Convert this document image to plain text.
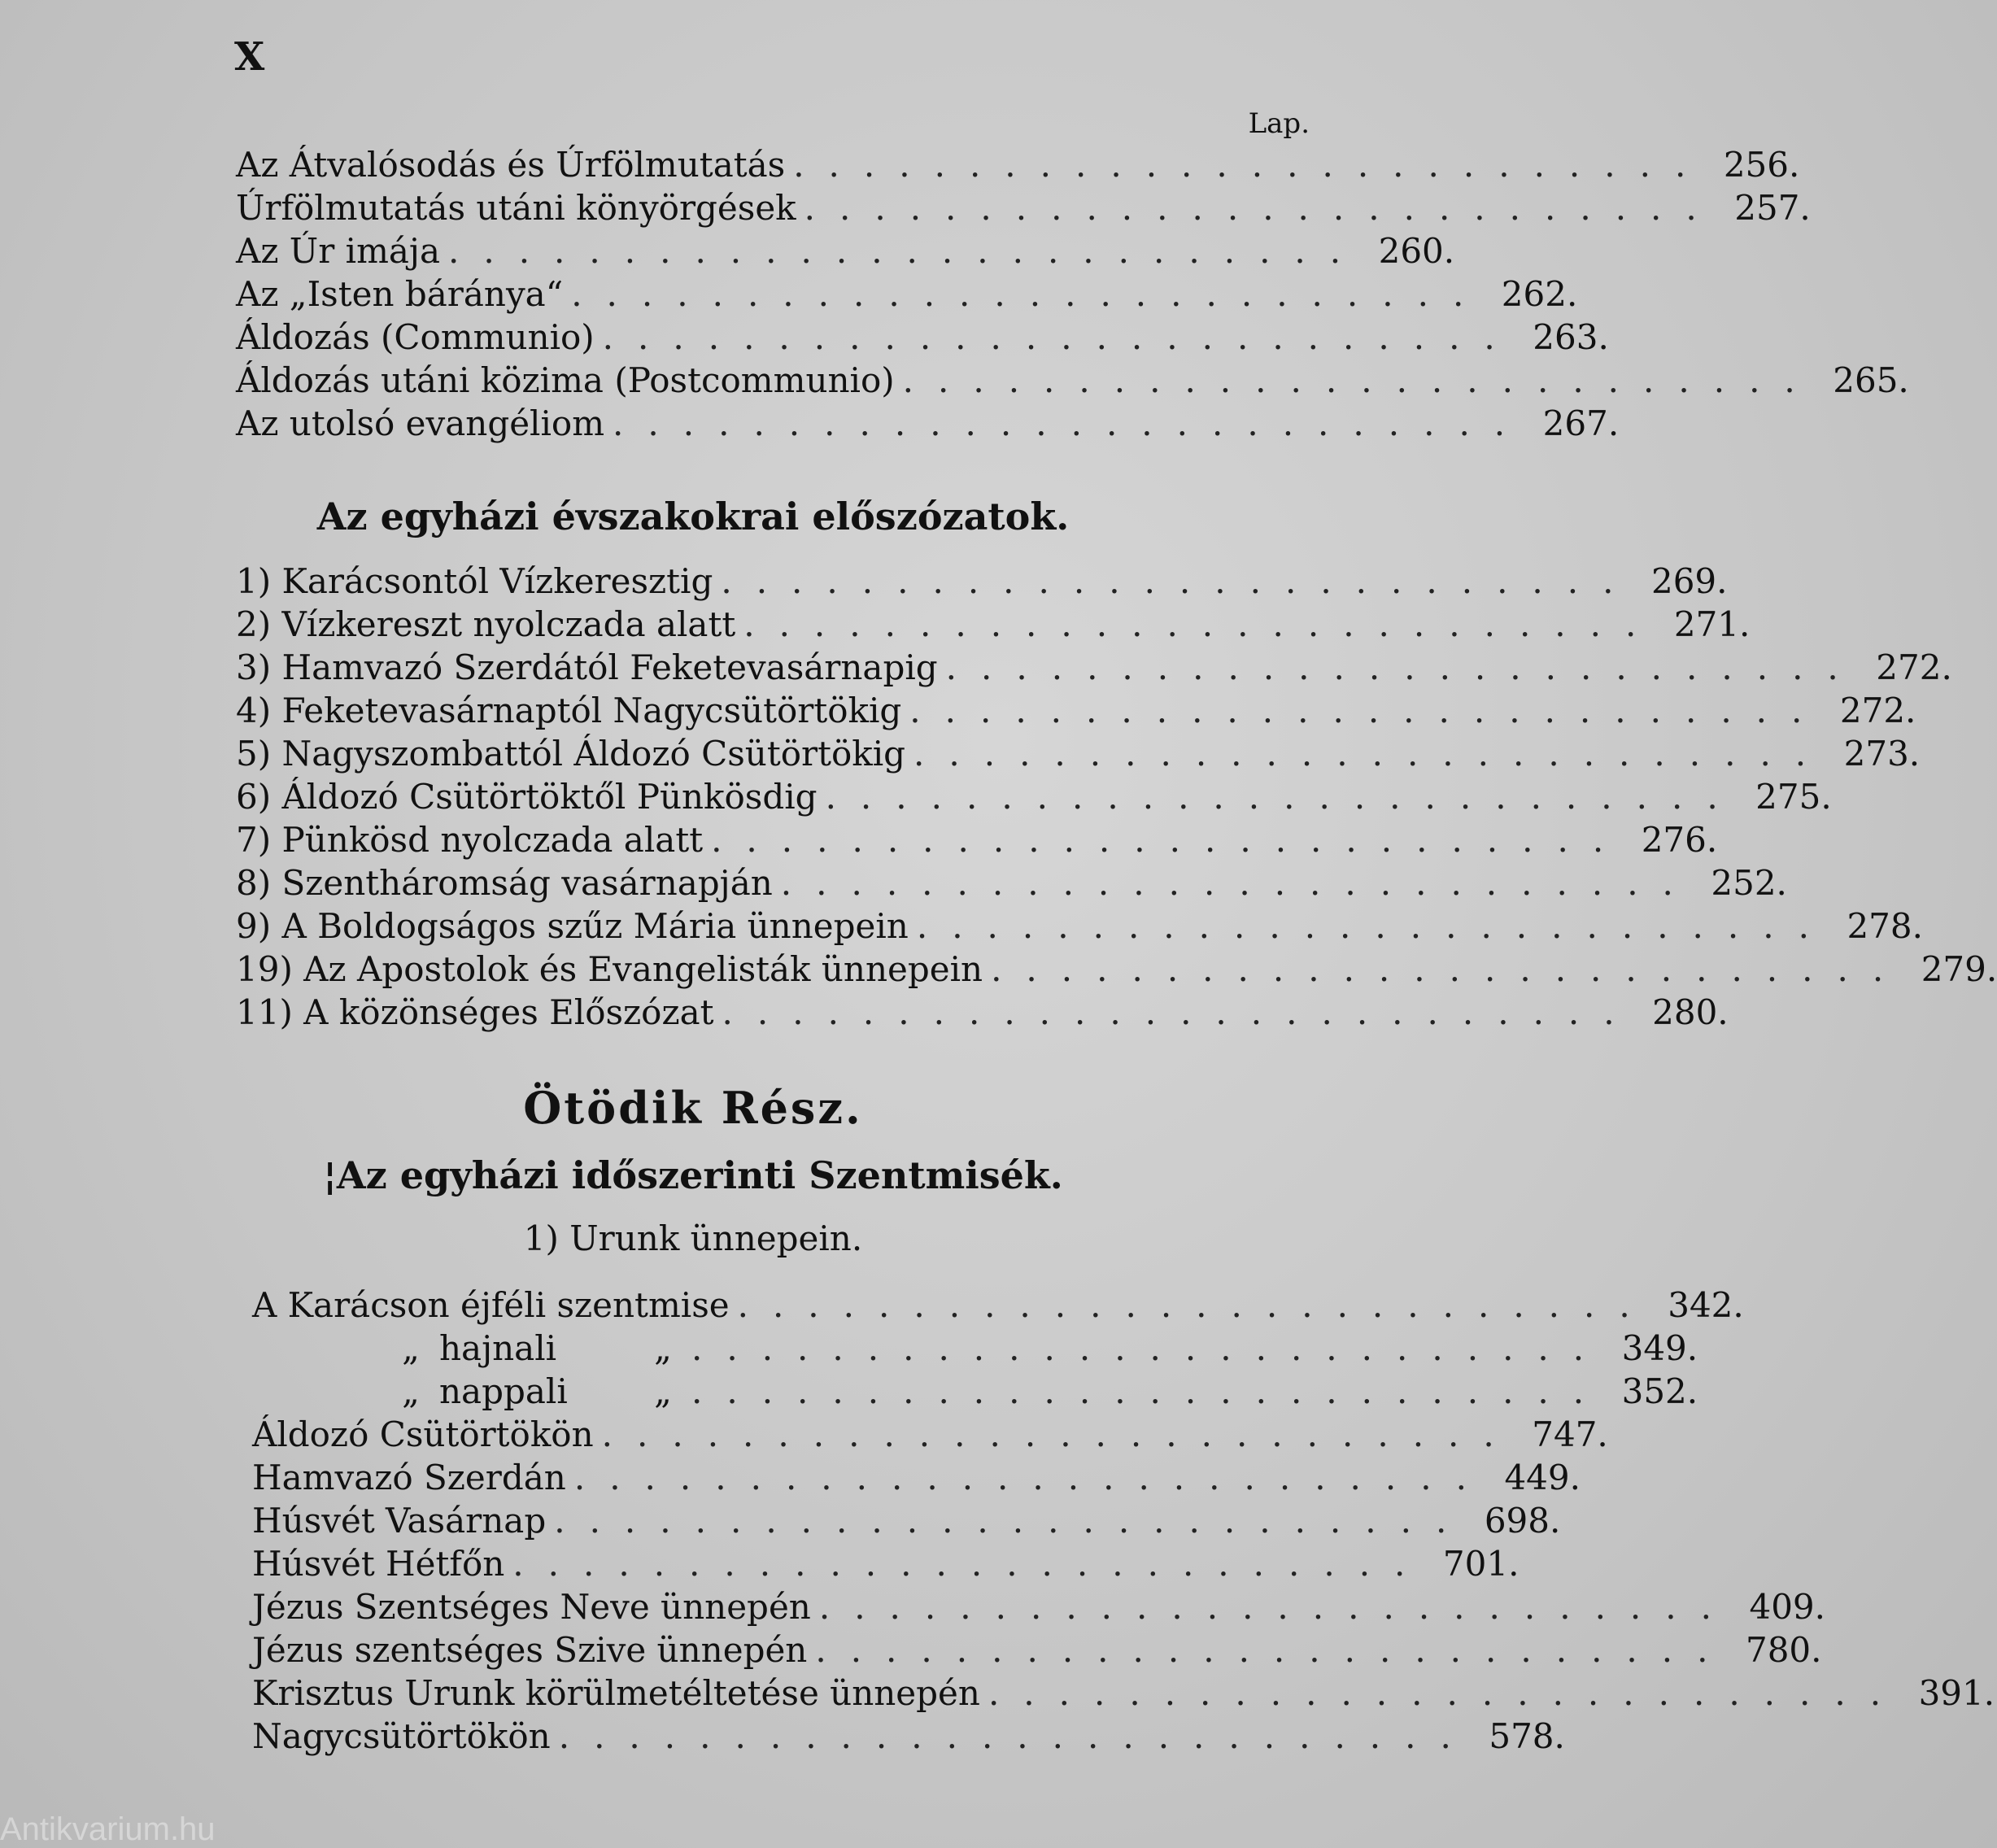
X
Lap.
Az Átvalósodás és Úrfölmutatás .......................... 256.
Úrfölmutatás utáni könyörgések .......................... 257.
Az Úr imája .......................... 260.
Az „Isten báránya“ .......................... 262.
Áldozás (Communio) .......................... 263.
Áldozás utáni közima (Postcommunio) .......................... 265.
Az utolsó evangéliom .......................... 267.
Az egyházi évszakokrai előszózatok.
1) Karácsontól Vízkeresztig .......................... 269.
2) Vízkereszt nyolczada alatt .......................... 271.
3) Hamvazó Szerdától Feketevasárnapig .......................... 272.
4) Feketevasárnaptól Nagycsütörtökig .......................... 272.
5) Nagyszombattól Áldozó Csütörtökig .......................... 273.
6) Áldozó Csütörtöktől Pünkösdig .......................... 275.
7) Pünkösd nyolczada alatt .......................... 276.
8) Szentháromság vasárnapján .......................... 252.
9) A Boldogságos szűz Mária ünnepein .......................... 278.
19) Az Apostolok és Evangelisták ünnepein .......................... 279.
11) A közönséges Előszózat .......................... 280.
Ötödik Rész.
¦Az egyházi időszerinti Szentmisék.
1) Urunk ünnepein.
A Karácson éjféli szentmise .......................... 342.
„ hajnali	„ .......................... 349.
„ nappali	„ .......................... 352.
Áldozó Csütörtökön .......................... 747.
Hamvazó Szerdán .......................... 449.
Húsvét Vasárnap .......................... 698.
Húsvét Hétfőn .......................... 701.
Jézus Szentséges Neve ünnepén .......................... 409.
Jézus szentséges Szive ünnepén .......................... 780.
Krisztus Urunk körülmetéltetése ünnepén .......................... 391.
Nagycsütörtökön .......................... 578.
Antikvarium.hu
